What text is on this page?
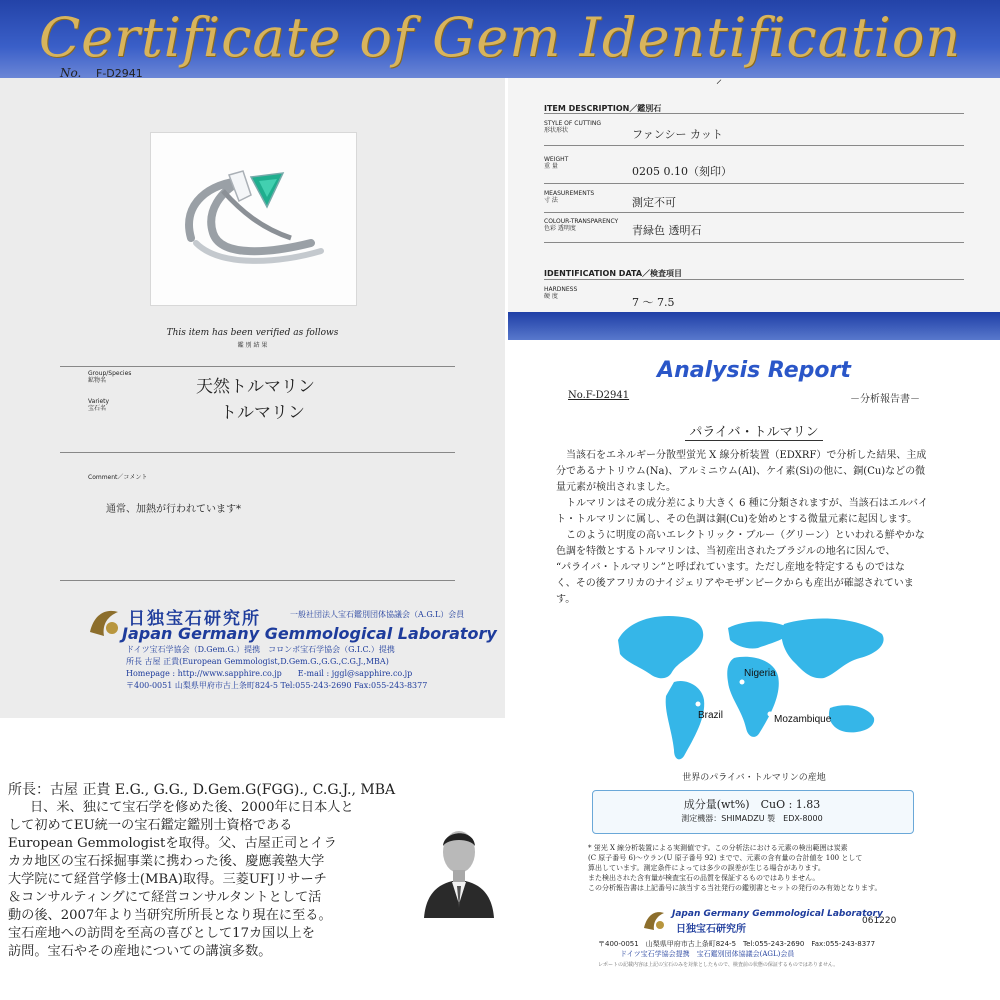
Certificate of Gem Identification
No. F-D2941
This item has been verified as follows
鑑 別 結 果
Group/Species
鉱物名	天然トルマリン
Variety
宝石名	トルマリン
Comment／コメント
通常、加熱が行われています*
日独宝石研究所	一般社団法人宝石鑑別団体協議会（A.G.L）会員
Japan Germany Gemmological Laboratory
ドイツ宝石学協会（D.Gem.G.）提携　コロンボ宝石学協会（G.I.C.）提携
所長 古屋 正貴(European Gemmologist,D.Gem.G.,G.G.,C.G.J.,MBA)
Homepage : http://www.sapphire.co.jp　　E-mail : jggl@sapphire.co.jp
〒400-0051 山梨県甲府市古上条町824-5 Tel:055-243-2690 Fax:055-243-8377
⸝
ITEM DESCRIPTION／鑑別石
STYLE OF CUTTING
形状形状	ファンシー カット
WEIGHT
重 量	0205 0.10（刻印）
MEASUREMENTS
寸 法	測定不可
COLOUR-TRANSPARENCY
色彩 透明度	青緑色 透明石
IDENTIFICATION DATA／検査項目
HARDNESS
硬 度	7 ～ 7.5
Analysis Report
No.F-D2941	－分析報告書－
パライバ・トルマリン
　当該石をエネルギー分散型蛍光 X 線分析装置（EDXRF）で分析した結果、主成
分であるナトリウム(Na)、アルミニウム(Al)、ケイ素(Si)の他に、銅(Cu)などの微
量元素が検出されました。
　トルマリンはその成分差により大きく 6 種に分類されますが、当該石はエルバイ
ト・トルマリンに属し、その色調は銅(Cu)を始めとする微量元素に起因します。
　このように明度の高いエレクトリック・ブルー（グリーン）といわれる鮮やかな
色調を特徴とするトルマリンは、当初産出されたブラジルの地名に因んで、
“パライバ・トルマリン”と呼ばれています。ただし産地を特定するものではな
く、その後アフリカのナイジェリアやモザンビークからも産出が確認されていま
す。
Nigeria
Brazil	Mozambique
世界のパライバ・トルマリンの産地
成分量(wt%)　CuO : 1.83
測定機器：SHIMADZU 製　EDX-8000
* 蛍光 X 線分析装置による実測値です。この分析法における元素の検出範囲は炭素
(C 原子番号 6)～ウラン(U 原子番号 92) までで、元素の含有量の合計値を 100 として
算出しています。測定条件によっては多少の誤差が生じる場合があります。
また検出された含有量が検査宝石の品質を保証するものではありません。
この分析報告書は上記番号に該当する当社発行の鑑別書とセットの発行のみ有効となります。
Japan Germany Gemmological Laboratory
日独宝石研究所
061220
〒400-0051　山梨県甲府市古上条町824-5　Tel:055-243-2690　Fax:055-243-8377
ドイツ宝石学協会提携　宝石鑑別団体協議会(AGL)会員
レポートの記載内容は上記の宝石のみを対象としたもので、検査前の状態の保証するものではありません。
所長：古屋 正貴 E.G., G.G., D.Gem.G(FGG)., C.G.J., MBA
日、米、独にて宝石学を修めた後、2000年に日本人と
して初めてEU統一の宝石鑑定鑑別士資格である
European Gemmologistを取得。父、古屋正司とイラ
カカ地区の宝石採掘事業に携わった後、慶應義塾大学
大学院にて経営学修士(MBA)取得。三菱UFJリサーチ
＆コンサルティングにて経営コンサルタントとして活
動の後、2007年より当研究所所長となり現在に至る。
宝石産地への訪問を至高の喜びとして17カ国以上を
訪問。宝石やその産地についての講演多数。
